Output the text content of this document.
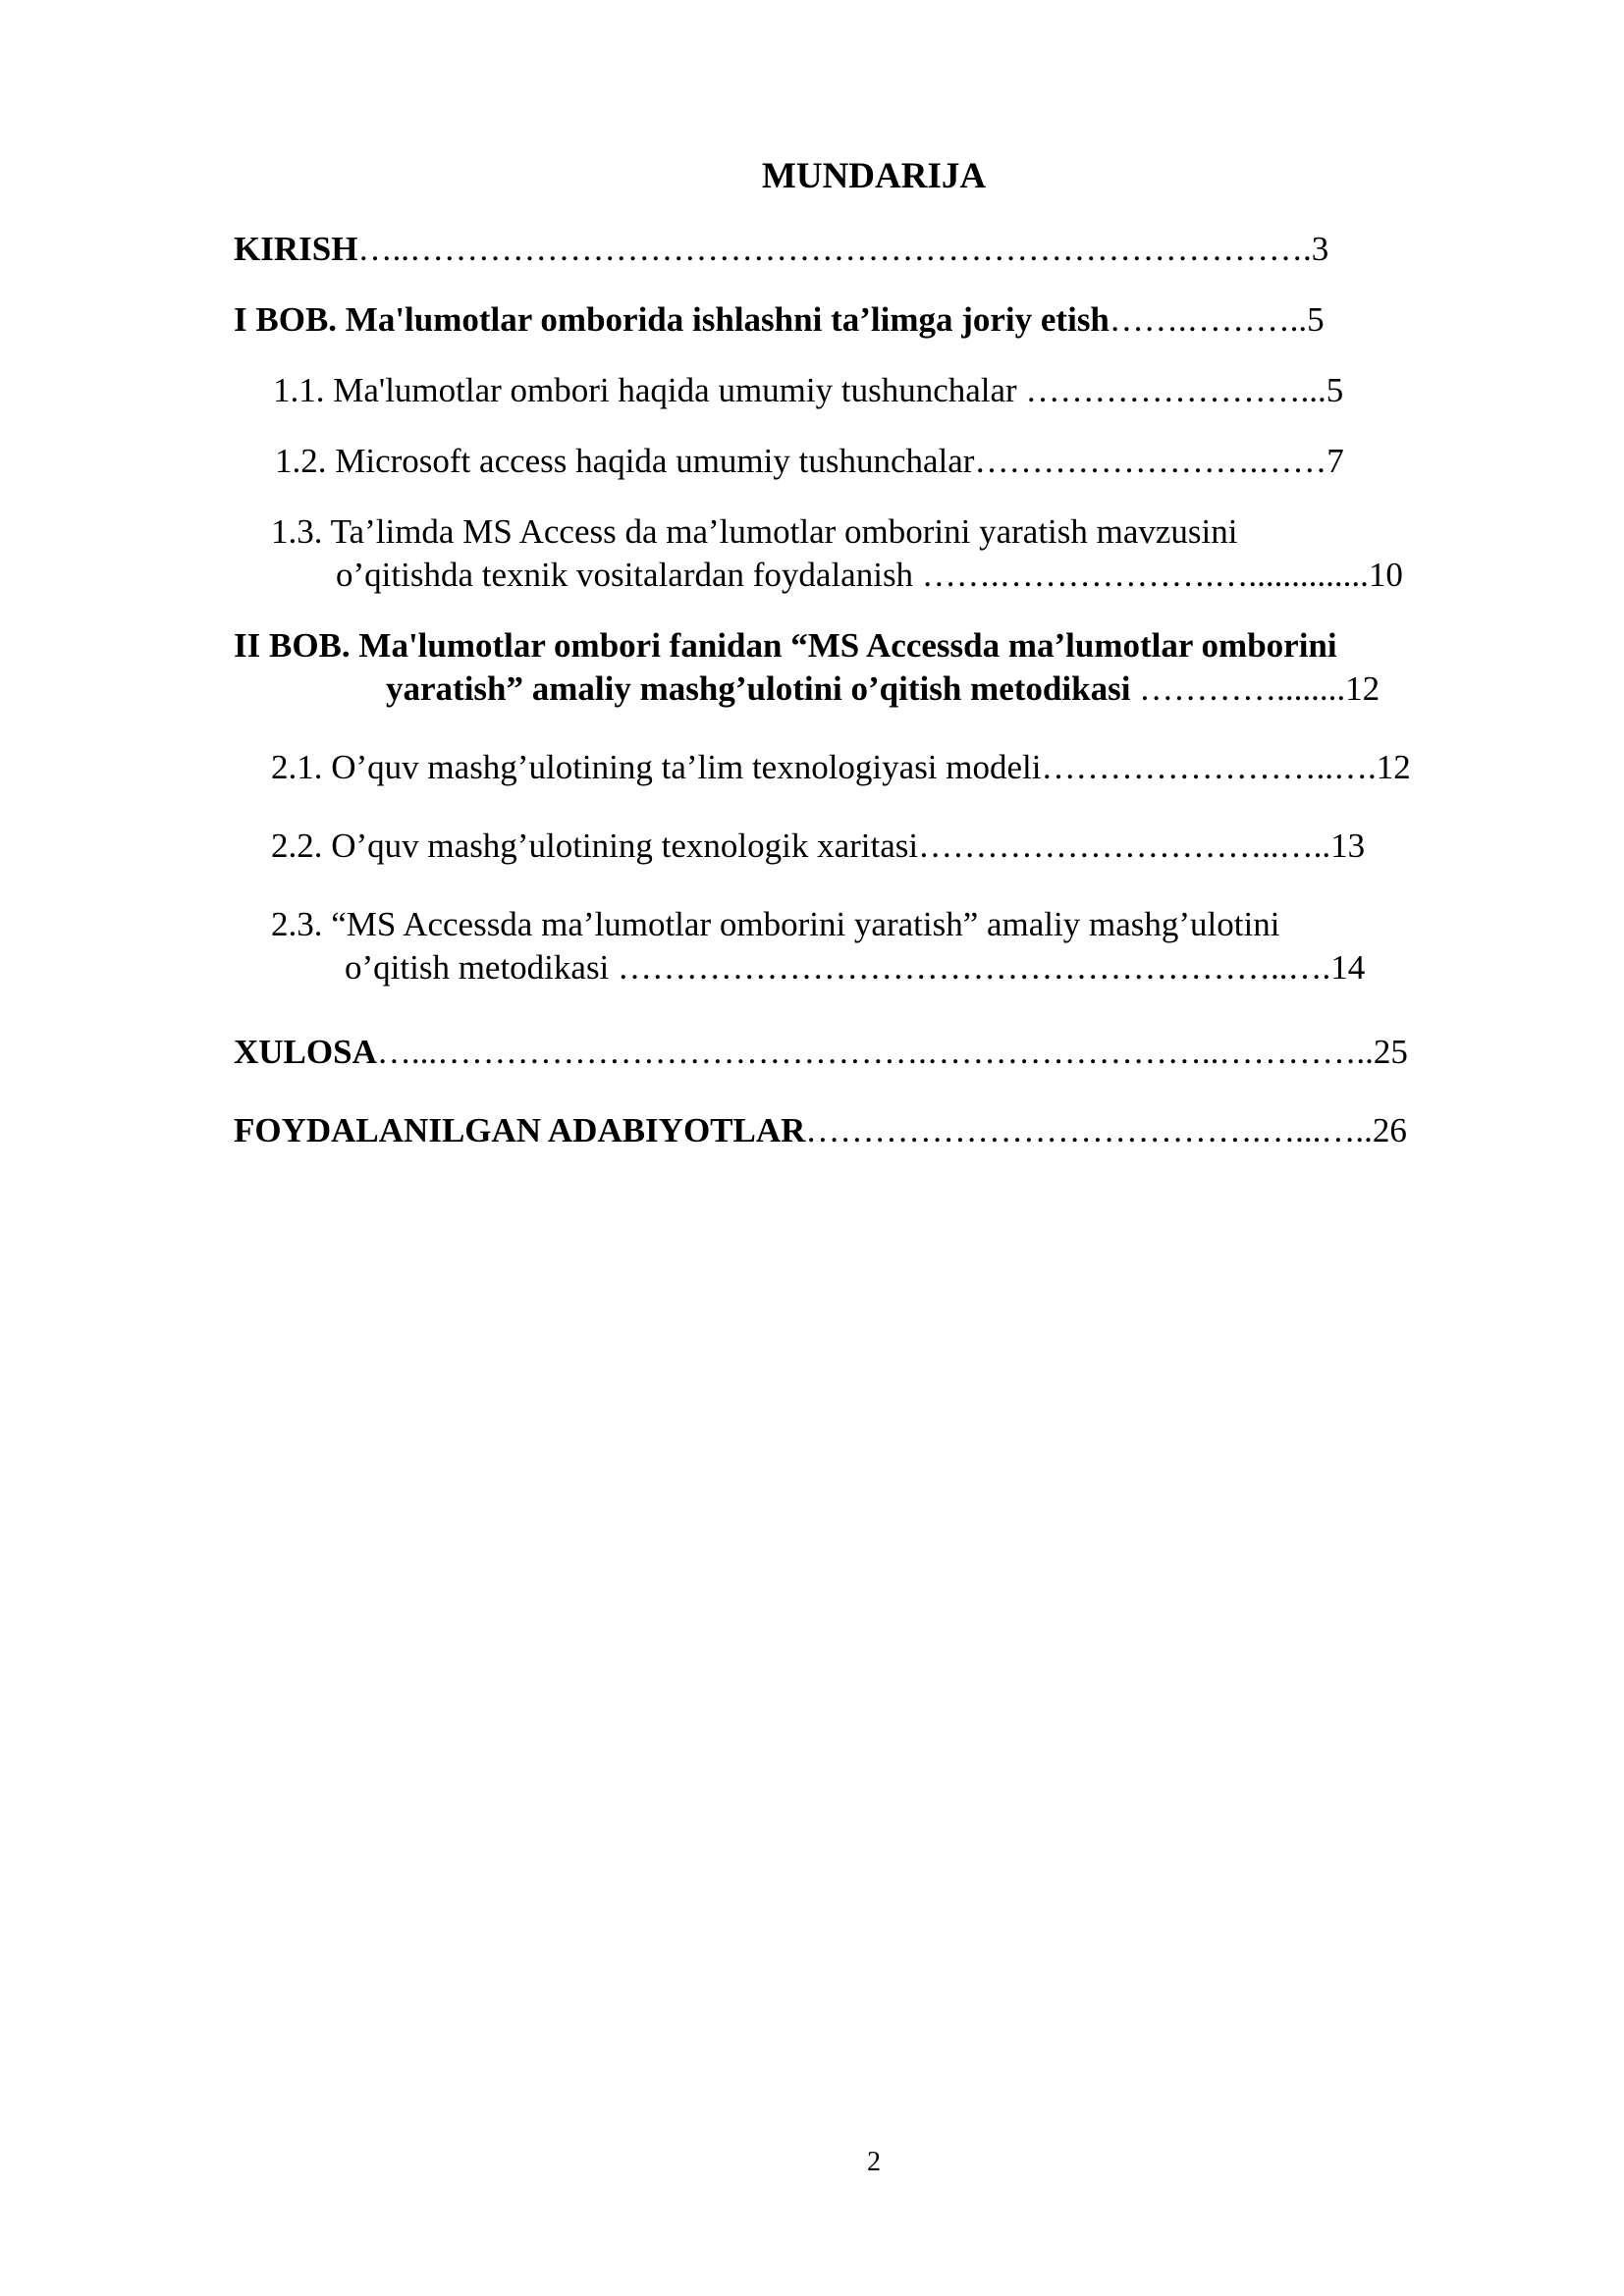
MUNDARIJA
KIRISH…..…………………………………………………………………….3
I BOB. Ma'lumotlar omborida ishlashni ta’limga joriy etish…….………..5
1.1. Ma'lumotlar ombori haqida umumiy tushunchalar ……………………...5
1.2. Microsoft access haqida umumiy tushunchalar…………………….……7
1.3. Ta’limda MS Access da ma’lumotlar omborini yaratish mavzusini
o’qitishda texnik vositalardan foydalanish …….……………….…..............10
II BOB. Ma'lumotlar ombori fanidan “MS Accessda ma’lumotlar omborini
yaratish” amaliy mashg’ulotini o’qitish metodikasi …………........12
2.1. O’quv mashg’ulotining ta’lim texnologiyasi modeli……………………..….12
2.2. O’quv mashg’ulotining texnologik xaritasi…………………………..…..13
2.3. “MS Accessda ma’lumotlar omborini yaratish” amaliy mashg’ulotini
o’qitish metodikasi …………………………………………………..….14
XULOSA…...…………………………………….……………………..…………..25
FOYDALANILGAN ADABIYOTLAR………………………………….…...…..26
2
